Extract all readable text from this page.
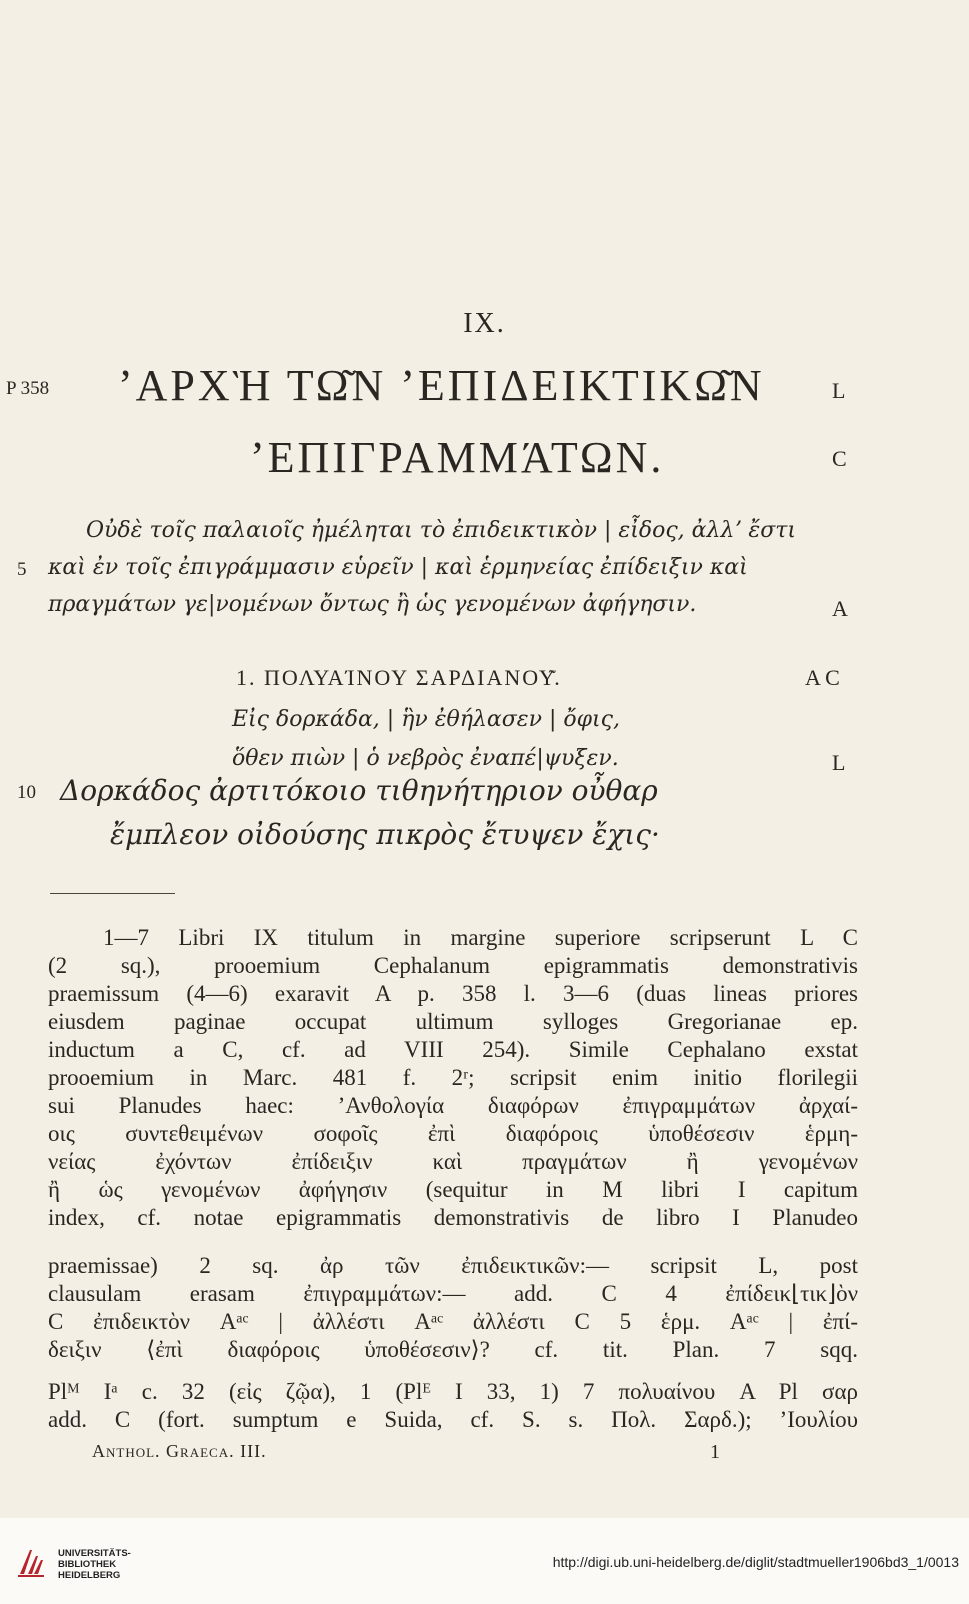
IX.
P 358 ʼΑΡΧῊ ΤΩ͂Ν ʼΕΠΙΔΕΙΚΤΙΚΩ͂Ν	L
ʼΕΠΙΓΡΑΜΜΆΤΩΝ.	C
Οὐδὲ τοῖς παλαιοῖς ἠμέληται τὸ ἐπιδεικτικὸν | εἶδος, ἀλλʼ ἔστι
5 καὶ ἐν τοῖς ἐπιγράμμασιν εὑρεῖν | καὶ ἑρμηνείας ἐπίδειξιν καὶ
πραγμάτων γε|νομένων ὄντως ἢ ὡς γενομένων ἀφήγησιν.	A
1. ΠΟΛΥΑΊΝΟΥ ΣΑΡΔΙΑΝΟΥ͂.	A C
Εἰς δορκάδα, | ἣν ἐθήλασεν | ὄφις,
ὅθεν πιὼν | ὁ νεβρὸς ἐναπέ|ψυξεν.	L
10 Δορκάδος ἀρτιτόκοιο τιθηνήτηριον οὖθαρ
ἔμπλεον οἰδούσης πικρὸς ἔτυψεν ἔχις·
1—7 Libri IX titulum in margine superiore scripserunt L C
(2 sq.), prooemium Cephalanum epigrammatis demonstrativis
praemissum (4—6) exaravit A p. 358 l. 3—6 (duas lineas priores
eiusdem paginae occupat ultimum sylloges Gregorianae ep.
inductum a C, cf. ad VIII 254). Simile Cephalano exstat
prooemium in Marc. 481 f. 2ʳ; scripsit enim initio florilegii
sui Planudes haec: ʼΑνθολογία διαφόρων ἐπιγραμμάτων ἀρχαί-
οις συντεθειμένων σοφοῖς ἐπὶ διαφόροις ὑποθέσεσιν ἑρμη-
νείας ἐχόντων ἐπίδειξιν καὶ πραγμάτων ἢ γενομένων
ἢ ὡς γενομένων ἀφήγησιν (sequitur in M libri I capitum
index, cf. notae epigrammatis demonstrativis de libro I Planudeo
praemissae) 2 sq. ἀρ τῶν ἐπιδεικτικῶν:— scripsit L, post
clausulam erasam ἐπιγραμμάτων:— add. C 4 ἐπίδεικ⌊τικ⌋ὸν
C ἐπιδεικτὸν Aᵃᶜ | ἀλλέστι Aᵃᶜ ἀλλέστι C 5 ἑρμ. Aᵃᶜ | ἐπί-
δειξιν ⟨ἐπὶ διαφόροις ὑποθέσεσιν⟩? cf. tit. Plan. 7 sqq.
Plᴹ Iᵃ c. 32 (εἰς ζῷα), 1 (Plᴱ I 33, 1) 7 πολυαίνου A Pl σαρ
add. C (fort. sumptum e Suida, cf. S. s. Πολ. Σαρδ.); ʼΙουλίου
Anthol. Graeca. III.	1
UNIVERSITÄTS-
BIBLIOTHEK
HEIDELBERG
http://digi.ub.uni-heidelberg.de/diglit/stadtmueller1906bd3_1/0013
